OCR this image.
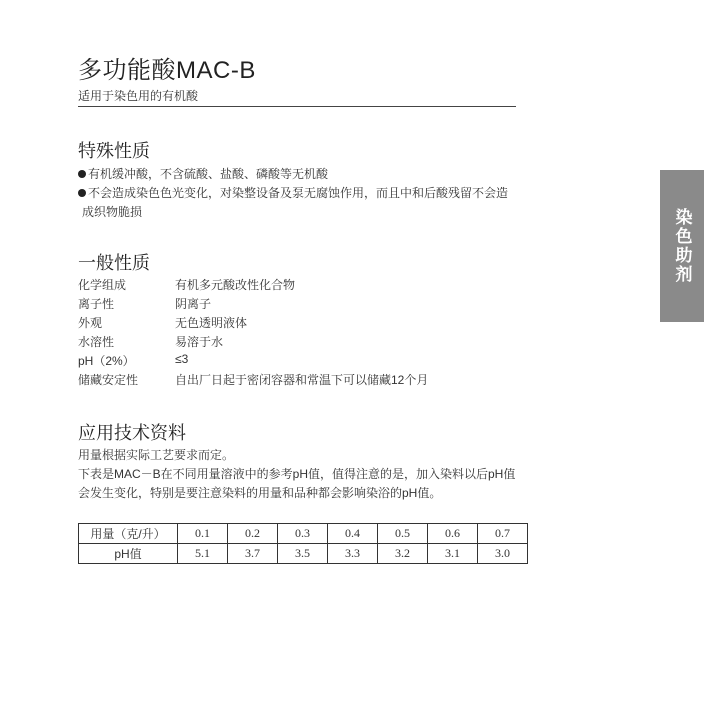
多功能酸MAC-B
适用于染色用的有机酸
特殊性质
有机缓冲酸，不含硫酸、盐酸、磷酸等无机酸
不会造成染色色光变化，对染整设备及泵无腐蚀作用，而且中和后酸残留不会造
成织物脆损
一般性质
化学组成	有机多元酸改性化合物
离子性	阴离子
外观	无色透明液体
水溶性	易溶于水
pH（2%）	≤3
储藏安定性	自出厂日起于密闭容器和常温下可以储藏12个月
应用技术资料
用量根据实际工艺要求而定。
下表是MAC－B在不同用量溶液中的参考pH值，值得注意的是，加入染料以后pH值
会发生变化，特别是要注意染料的用量和品种都会影响染浴的pH值。
用量（克/升）	0.1	0.2	0.3	0.4	0.5	0.6	0.7
pH值	5.1	3.7	3.5	3.3	3.2	3.1	3.0
染色助剂
